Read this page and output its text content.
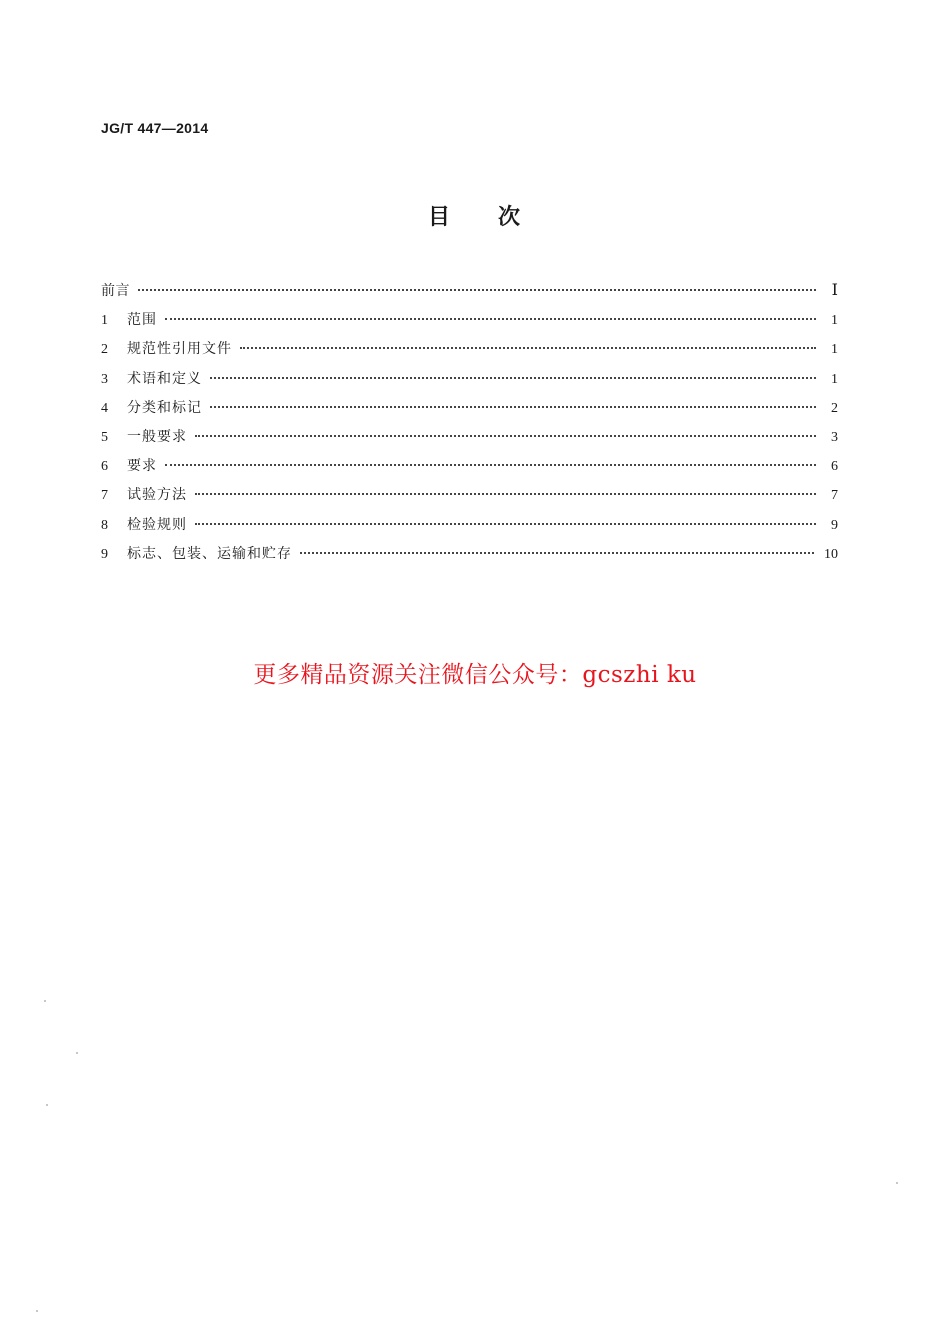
JG/T 447—2014
目 次
前言	Ⅰ
1	范围	1
2	规范性引用文件	1
3	术语和定义	1
4	分类和标记	2
5	一般要求	3
6	要求	6
7	试验方法	7
8	检验规则	9
9	标志、包装、运输和贮存	10
更多精品资源关注微信公众号：gcszhi ku
